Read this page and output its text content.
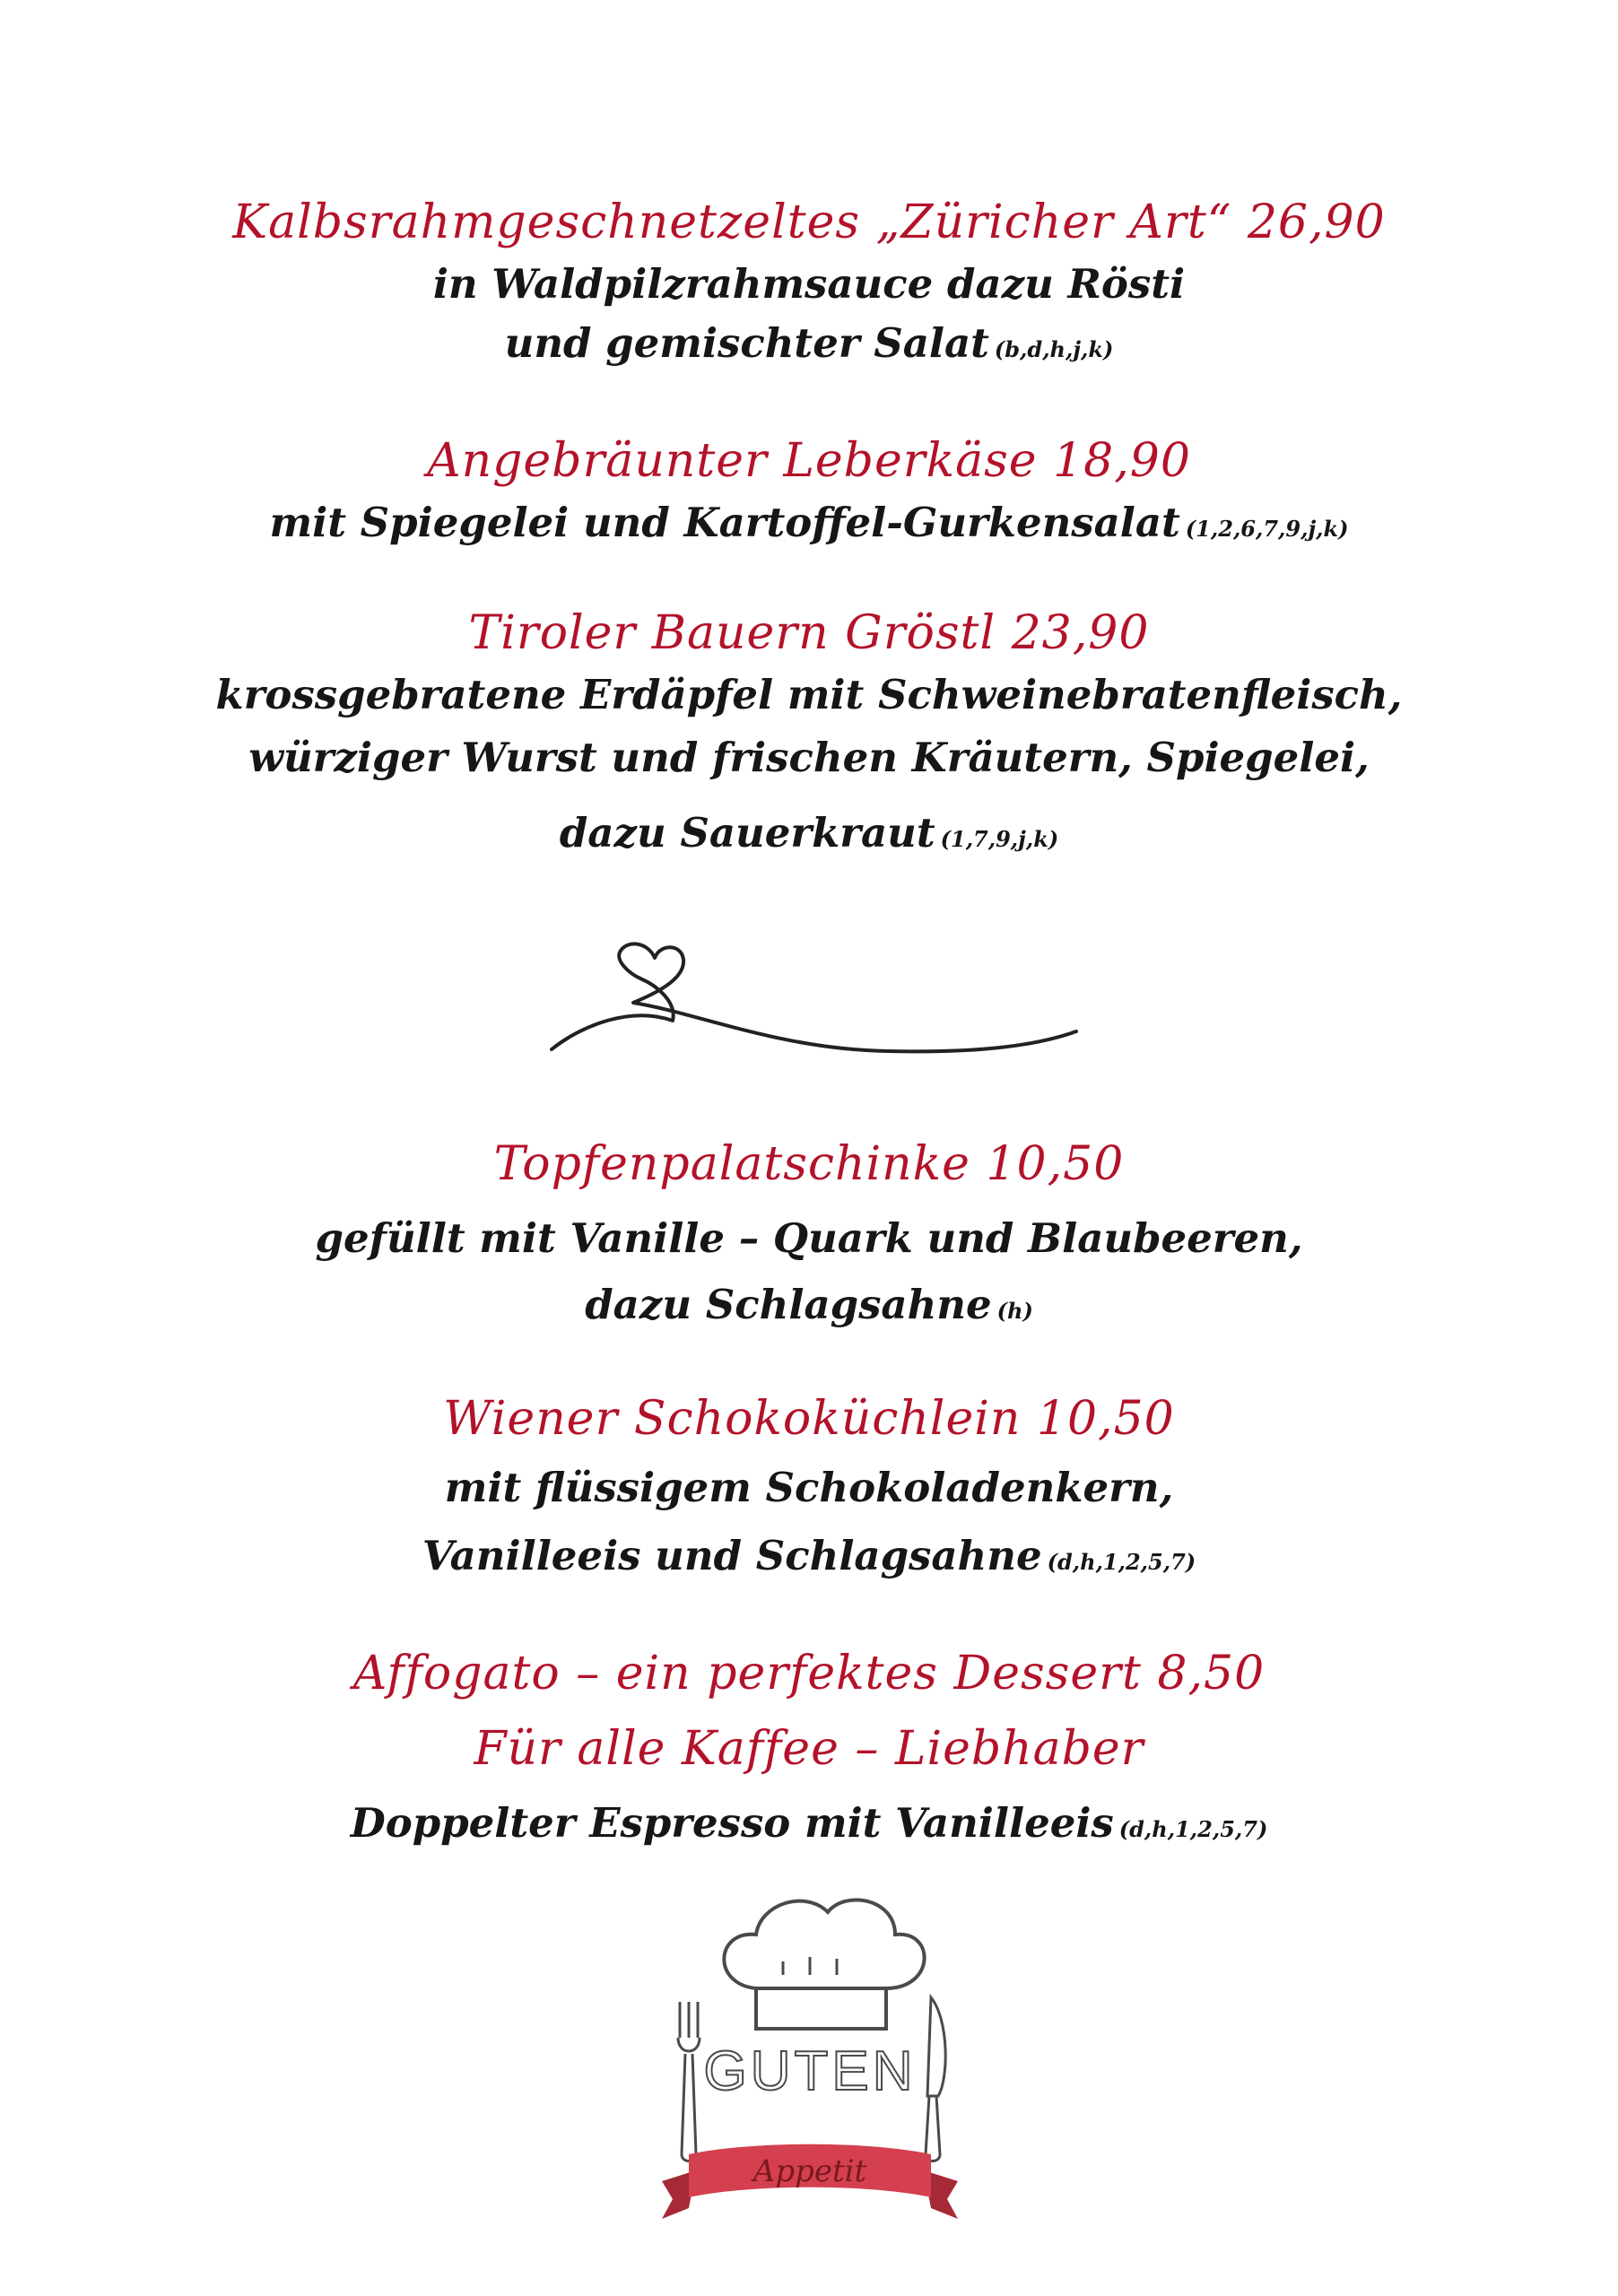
Kalbsrahmgeschnetzeltes „Züricher Art“ 26,90
in Waldpilzrahmsauce dazu Rösti
und gemischter Salat (b,d,h,j,k)
Angebräunter Leberkäse 18,90
mit Spiegelei und Kartoffel-Gurkensalat (1,2,6,7,9,j,k)
Tiroler Bauern Gröstl 23,90
krossgebratene Erdäpfel mit Schweinebratenfleisch,
würziger Wurst und frischen Kräutern, Spiegelei,
dazu Sauerkraut (1,7,9,j,k)
Topfenpalatschinke 10,50
gefüllt mit Vanille – Quark und Blaubeeren,
dazu Schlagsahne (h)
Wiener Schokoküchlein 10,50
mit flüssigem Schokoladenkern,
Vanilleeis und Schlagsahne (d,h,1,2,5,7)
Affogato – ein perfektes Dessert 8,50
Für alle Kaffee – Liebhaber
Doppelter Espresso mit Vanilleeis (d,h,1,2,5,7)
GUTEN
Appetit
